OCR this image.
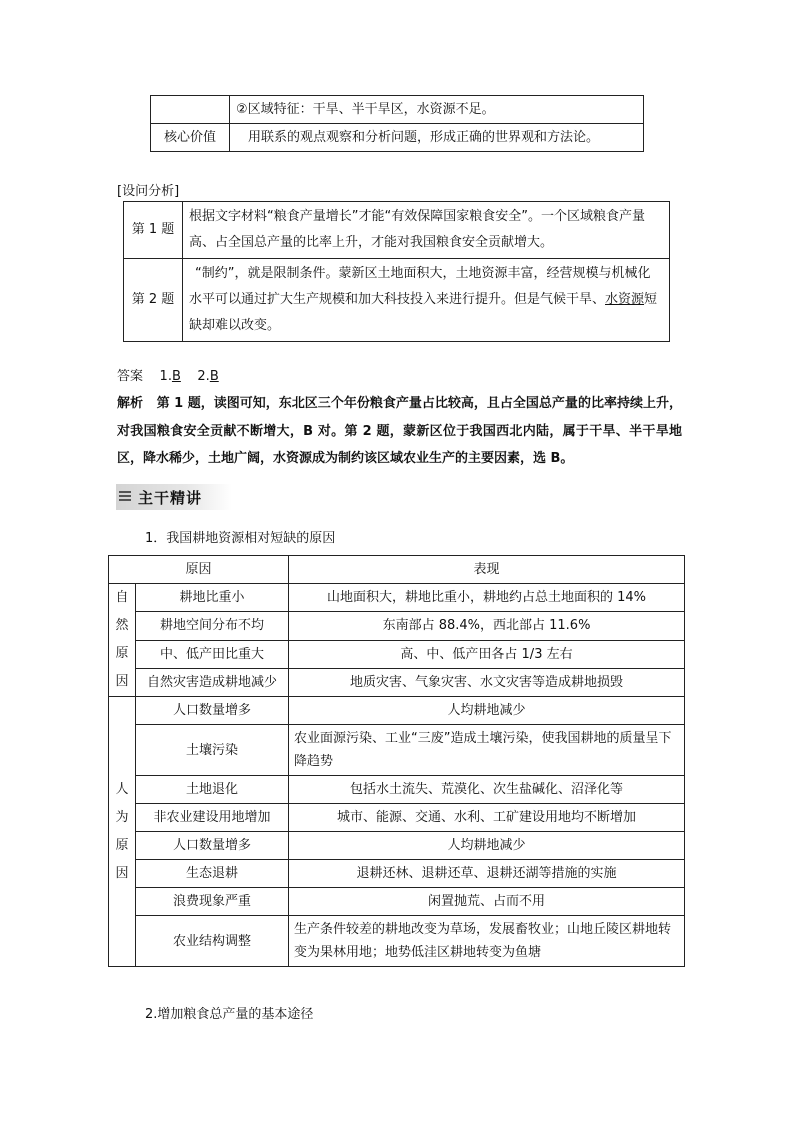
	②区域特征：干旱、半干旱区，水资源不足。
核心价值	用联系的观点观察和分析问题，形成正确的世界观和方法论。
[设问分析]
第 1 题	根据文字材料“粮食产量增长”才能“有效保障国家粮食安全”。一个区域粮食产量高、占全国总产量的比率上升，才能对我国粮食安全贡献增大。
第 2 题	“制约”，就是限制条件。蒙新区土地面积大，土地资源丰富，经营规模与机械化水平可以通过扩大生产规模和加大科技投入来进行提升。但是气候干旱、水资源短缺却难以改变。
答案 1.B 2.B
解析 第 1 题，读图可知，东北区三个年份粮食产量占比较高，且占全国总产量的比率持续上升，对我国粮食安全贡献不断增大，B 对。第 2 题，蒙新区位于我国西北内陆，属于干旱、半干旱地区，降水稀少，土地广阔，水资源成为制约该区域农业生产的主要因素，选 B。
主干精讲
1．我国耕地资源相对短缺的原因
原因		表现

自
然
原
因	耕地比重小	山地面积大，耕地比重小，耕地约占总土地面积的 14%
	耕地空间分布不均	东南部占 88.4%，西北部占 11.6%
	中、低产田比重大	高、中、低产田各占 1/3 左右
	自然灾害造成耕地减少	地质灾害、气象灾害、水文灾害等造成耕地损毁

人
为
原
因	人口数量增多	人均耕地减少
	土壤污染	农业面源污染、工业“三废”造成土壤污染，使我国耕地的质量呈下降趋势
	土地退化	包括水土流失、荒漠化、次生盐碱化、沼泽化等
	非农业建设用地增加	城市、能源、交通、水利、工矿建设用地均不断增加
	人口数量增多	人均耕地减少
	生态退耕	退耕还林、退耕还草、退耕还湖等措施的实施
	浪费现象严重	闲置抛荒、占而不用
	农业结构调整	生产条件较差的耕地改变为草场，发展畜牧业；山地丘陵区耕地转变为果林用地；地势低洼区耕地转变为鱼塘
2.增加粮食总产量的基本途径
